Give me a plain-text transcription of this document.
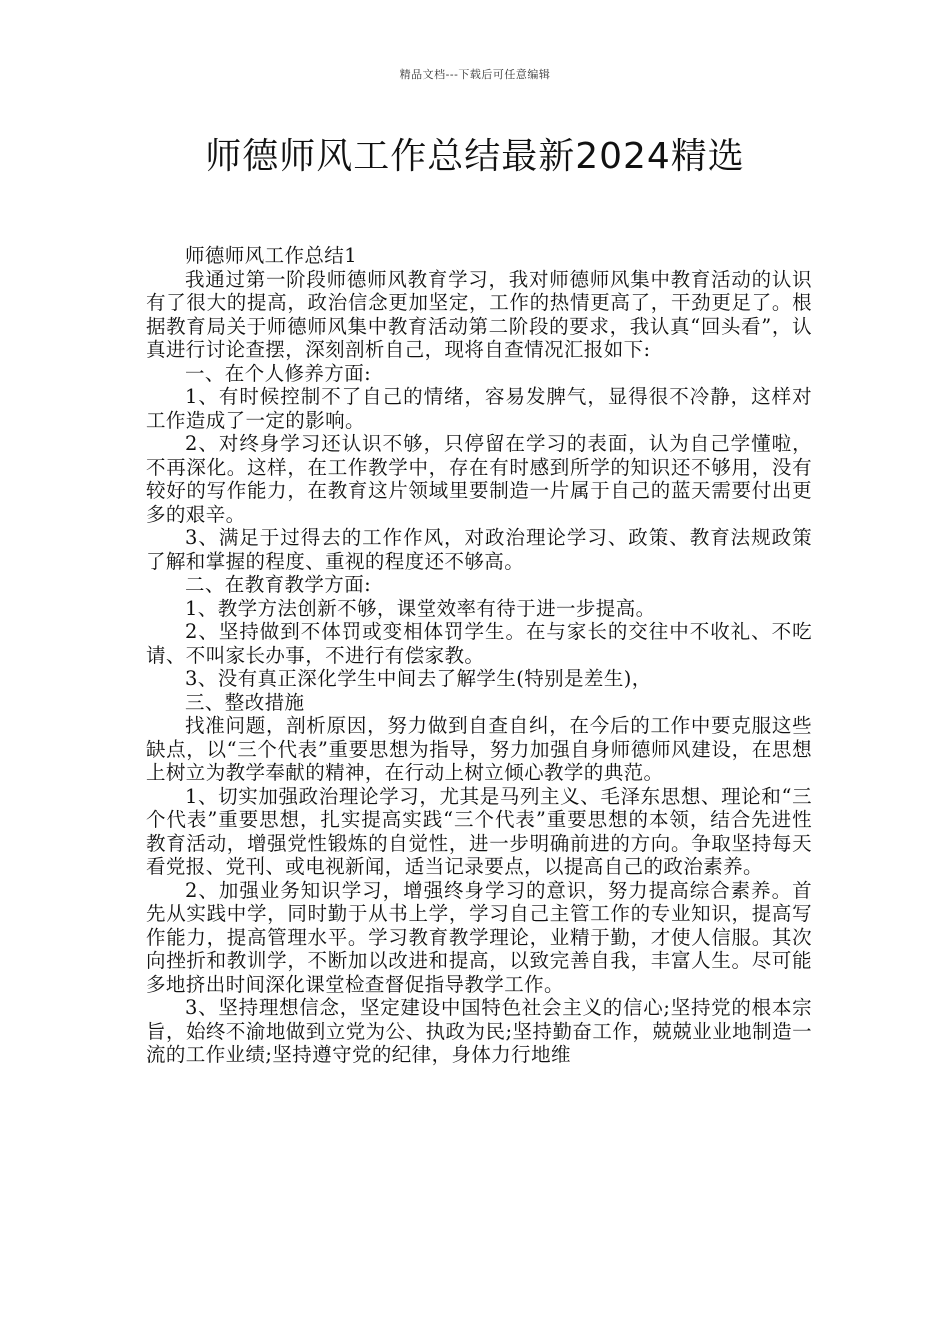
精品文档---下载后可任意编辑
师德师风工作总结最新2024精选

师德师风工作总结1

我通过第一阶段师德师风教育学习，我对师德师风集中教育活动的认识有了很大的提高，政治信念更加坚定，工作的热情更高了，干劲更足了。根据教育局关于师德师风集中教育活动第二阶段的要求，我认真“回头看”，认真进行讨论查摆，深刻剖析自己，现将自查情况汇报如下:

一、在个人修养方面:

1、有时候控制不了自己的情绪，容易发脾气，显得很不冷静，这样对工作造成了一定的影响。

2、对终身学习还认识不够，只停留在学习的表面，认为自己学懂啦，不再深化。这样，在工作教学中，存在有时感到所学的知识还不够用，没有较好的写作能力，在教育这片领域里要制造一片属于自己的蓝天需要付出更多的艰辛。

3、满足于过得去的工作作风，对政治理论学习、政策、教育法规政策了解和掌握的程度、重视的程度还不够高。

二、在教育教学方面:

1、教学方法创新不够，课堂效率有待于进一步提高。

2、坚持做到不体罚或变相体罚学生。在与家长的交往中不收礼、不吃请、不叫家长办事，不进行有偿家教。

3、没有真正深化学生中间去了解学生(特别是差生)，

三、整改措施

找准问题，剖析原因，努力做到自查自纠，在今后的工作中要克服这些缺点，以“三个代表”重要思想为指导，努力加强自身师德师风建设，在思想上树立为教学奉献的精神，在行动上树立倾心教学的典范。

1、切实加强政治理论学习，尤其是马列主义、毛泽东思想、理论和“三个代表”重要思想，扎实提高实践“三个代表”重要思想的本领，结合先进性教育活动，增强党性锻炼的自觉性，进一步明确前进的方向。争取坚持每天看党报、党刊、或电视新闻，适当记录要点，以提高自己的政治素养。

2、加强业务知识学习，增强终身学习的意识，努力提高综合素养。首先从实践中学，同时勤于从书上学，学习自己主管工作的专业知识，提高写作能力，提高管理水平。学习教育教学理论，业精于勤，才使人信服。其次向挫折和教训学，不断加以改进和提高，以致完善自我，丰富人生。尽可能多地挤出时间深化课堂检查督促指导教学工作。

3、坚持理想信念，坚定建设中国特色社会主义的信心;坚持党的根本宗旨，始终不渝地做到立党为公、执政为民;坚持勤奋工作，兢兢业业地制造一流的工作业绩;坚持遵守党的纪律，身体力行地维
